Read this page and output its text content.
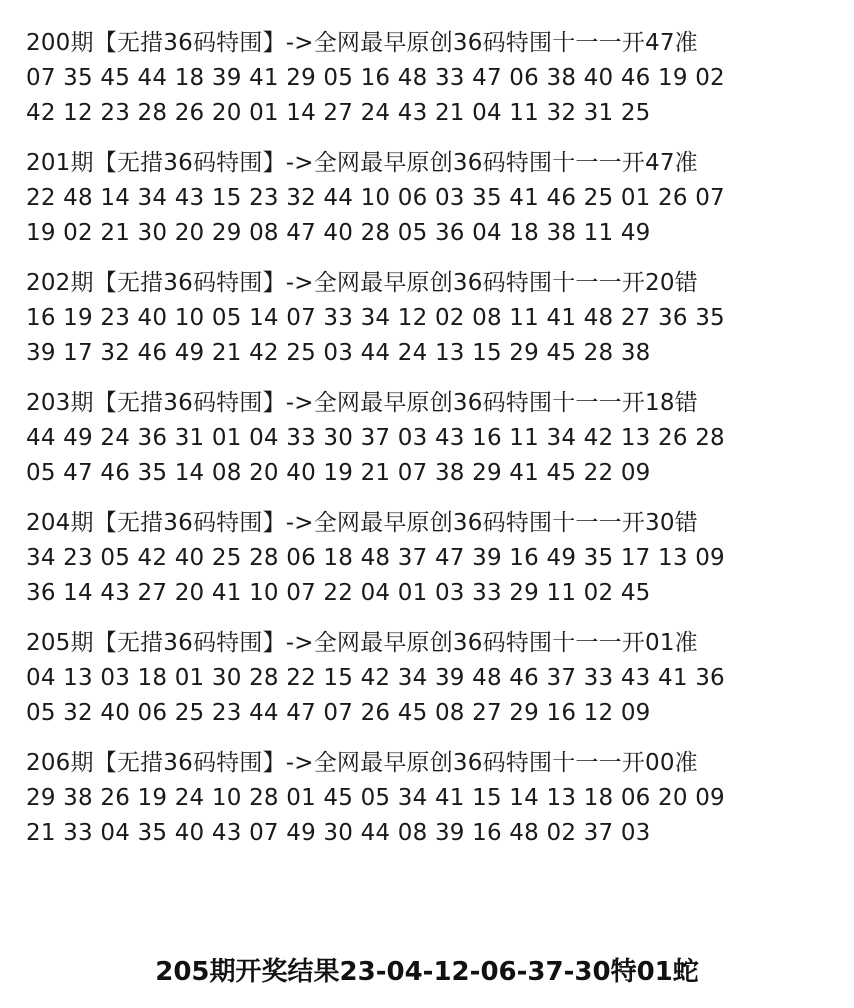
200期【无措36码特围】->全网最早原创36码特围十一一开47准
07 35 45 44 18 39 41 29 05 16 48 33 47 06 38 40 46 19 02
42 12 23 28 26 20 01 14 27 24 43 21 04 11 32 31 25
201期【无措36码特围】->全网最早原创36码特围十一一开47准
22 48 14 34 43 15 23 32 44 10 06 03 35 41 46 25 01 26 07
19 02 21 30 20 29 08 47 40 28 05 36 04 18 38 11 49
202期【无措36码特围】->全网最早原创36码特围十一一开20错
16 19 23 40 10 05 14 07 33 34 12 02 08 11 41 48 27 36 35
39 17 32 46 49 21 42 25 03 44 24 13 15 29 45 28 38
203期【无措36码特围】->全网最早原创36码特围十一一开18错
44 49 24 36 31 01 04 33 30 37 03 43 16 11 34 42 13 26 28
05 47 46 35 14 08 20 40 19 21 07 38 29 41 45 22 09
204期【无措36码特围】->全网最早原创36码特围十一一开30错
34 23 05 42 40 25 28 06 18 48 37 47 39 16 49 35 17 13 09
36 14 43 27 20 41 10 07 22 04 01 03 33 29 11 02 45
205期【无措36码特围】->全网最早原创36码特围十一一开01准
04 13 03 18 01 30 28 22 15 42 34 39 48 46 37 33 43 41 36
05 32 40 06 25 23 44 47 07 26 45 08 27 29 16 12 09
206期【无措36码特围】->全网最早原创36码特围十一一开00准
29 38 26 19 24 10 28 01 45 05 34 41 15 14 13 18 06 20 09
21 33 04 35 40 43 07 49 30 44 08 39 16 48 02 37 03
205期开奖结果23-04-12-06-37-30特01蛇
